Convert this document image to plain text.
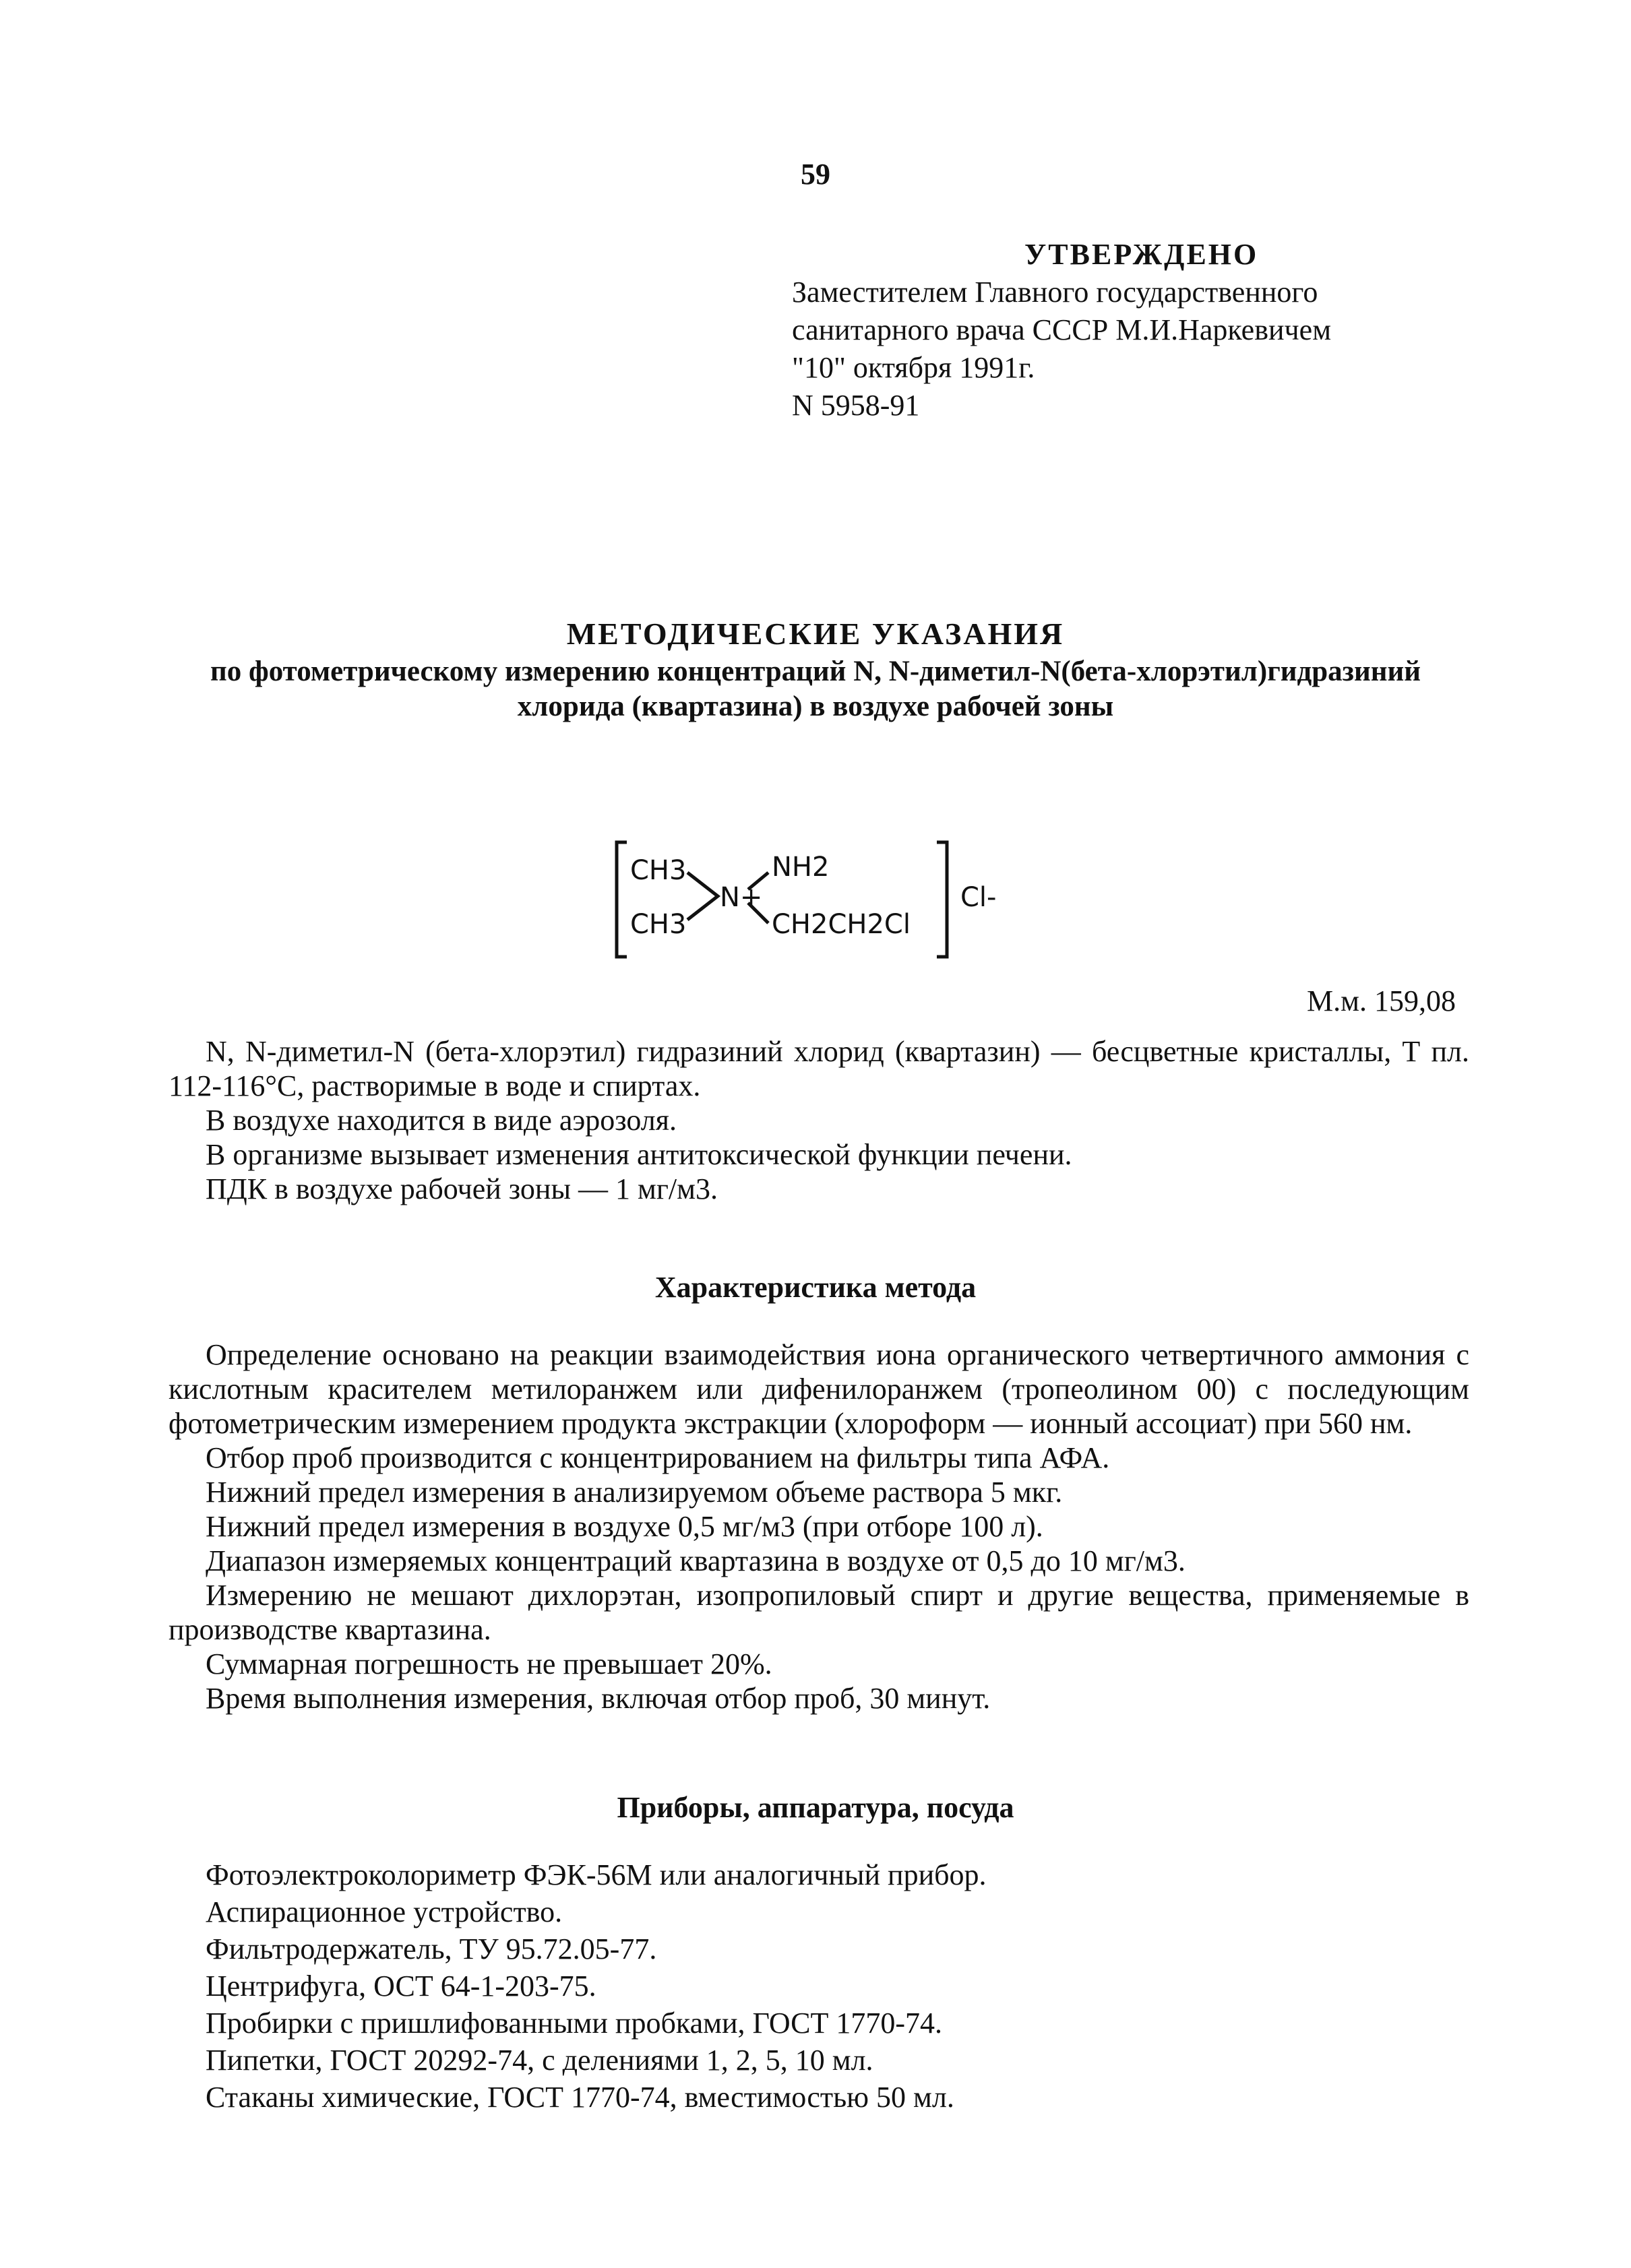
59
УТВЕРЖДЕНО
Заместителем Главного государственного
санитарного врача СССР М.И.Наркевичем
"10" октября 1991г.
N 5958-91
МЕТОДИЧЕСКИЕ УКАЗАНИЯ
по фотометрическому измерению концентраций N, N-диметил-N(бета-хлорэтил)гидразиний
хлорида (квартазина) в воздухе рабочей зоны
CH3
CH3
N+
NH2
CH2CH2Cl
Cl-
М.м. 159,08

N, N-диметил-N (бета-хлорэтил) гидразиний хлорид (квартазин) — бесцветные кристаллы, Т пл. 112-116°С, растворимые в воде и спиртах.

В воздухе находится в виде аэрозоля.

В организме вызывает изменения антитоксической функции печени.

ПДК в воздухе рабочей зоны — 1 мг/м3.

Характеристика метода

Определение основано на реакции взаимодействия иона органического четвертичного аммония с кислотным красителем метилоранжем или дифенилоранжем (тропеолином 00) с последующим фотометрическим измерением продукта экстракции (хлороформ — ионный ассоциат) при 560 нм.

Отбор проб производится с концентрированием на фильтры типа АФА.

Нижний предел измерения в анализируемом объеме раствора 5 мкг.

Нижний предел измерения в воздухе 0,5 мг/м3 (при отборе 100 л).

Диапазон измеряемых концентраций квартазина в воздухе от 0,5 до 10 мг/м3.

Измерению не мешают дихлорэтан, изопропиловый спирт и другие вещества, применяемые в производстве квартазина.

Суммарная погрешность не превышает 20%.

Время выполнения измерения, включая отбор проб, 30 минут.

Приборы, аппаратура, посуда
Фотоэлектроколориметр ФЭК-56М или аналогичный прибор.
Аспирационное устройство.
Фильтродержатель, ТУ 95.72.05-77.
Центрифуга, ОСТ 64-1-203-75.
Пробирки с пришлифованными пробками, ГОСТ 1770-74.
Пипетки, ГОСТ 20292-74, с делениями 1, 2, 5, 10 мл.
Стаканы химические, ГОСТ 1770-74, вместимостью 50 мл.
